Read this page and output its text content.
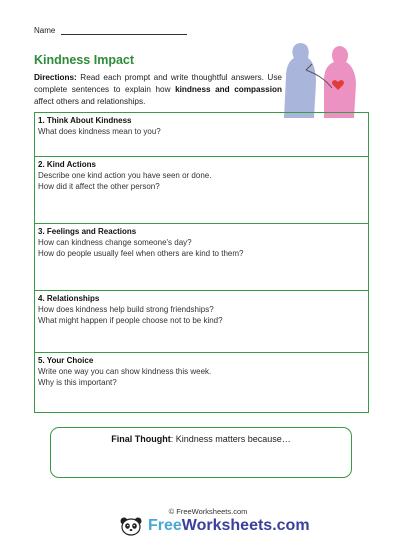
Name
Kindness Impact
Directions: Read each prompt and write thoughtful answers. Use complete sentences to explain how kindness and compassion affect others and relationships.
1. Think About Kindness
What does kindness mean to you?
2. Kind Actions
Describe one kind action you have seen or done.
How did it affect the other person?
3. Feelings and Reactions
How can kindness change someone's day?
How do people usually feel when others are kind to them?
4. Relationships
How does kindness help build strong friendships?
What might happen if people choose not to be kind?
5. Your Choice
Write one way you can show kindness this week.
Why is this important?
Final Thought: Kindness matters because…
© FreeWorksheets.com
FreeWorksheets.com
